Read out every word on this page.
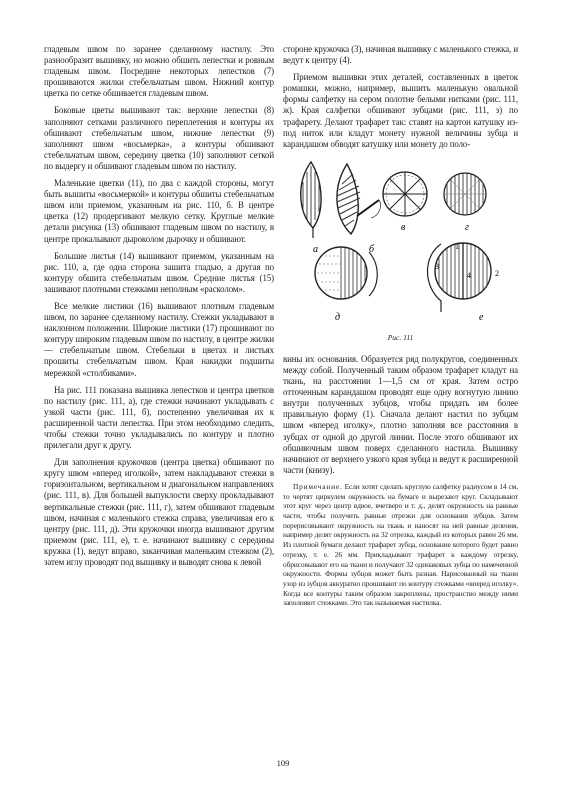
гладевым швом по заранее сделанному настилу. Это разнообразит вышивку, но можно обшить лепестки и ровным гладевым швом. Посредине некоторых лепестков (7) прошиваются жилки стебельчатым швом. Нижний контур цветка по сетке обшивается гладевым швом.

Боковые цветы вышивают так: верхние лепестки (8) заполняют сетками различного переплетения и контуры их обшивают стебельчатым швом, нижние лепестки (9) заполняют швом «восьмерка», а контуры обшивают стебельчатым швом, середину цветка (10) заполняют сеткой по выдергу и обшивают гладевым швом по настилу.

Маленькие цветки (11), по два с каждой стороны, могут быть вышиты «восьмеркой» и контуры обшиты стебельчатым швом или приемом, указанным на рис. 110, б. В центре цветка (12) продергивают мелкую сетку. Круглые мелкие детали рисунка (13) обшивают гладевым швом по настилу, в центре прокалывают дыроколом дырочку и обшивают.

Большие листья (14) вышивают приемом, указанным на рис. 110, а, где одна сторона зашита гладью, а другая по контуру обшита стебельчатым швом. Средние листья (15) зашивают плотными стежками неполным «расколом».

Все мелкие листики (16) вышивают плотным гладевым швом, по заранее сделанному настилу. Стежки укладывают в наклонном положении. Широкие листики (17) прошивают по контуру широким гладевым швом по настилу, в центре жилки — стебельчатым швом. Стебельки в цветах и листьях прошиты стебельчатым швом. Края накидки подшиты мережкой «столбиками».

На рис. 111 показана вышивка лепестков и центра цветков по настилу (рис. 111, а), где стежки начинают укладывать с узкой части (рис. 111, б), постепенно увеличивая их к расширенной части лепестка. При этом необходимо следить, чтобы стежки точно укладывались по контуру и плотно прилегали друг к другу.

Для заполнения кружочков (центра цветка) обшивают по кругу швом «вперед иголкой», затем накладывают стежки в горизонтальном, вертикальном и диагональном направлениях (рис. 111, в). Для большей выпуклости сверху прокладывают вертикальные стежки (рис. 111, г), затем обшивают гладевым швом, начиная с маленького стежка справа, увеличивая его к центру (рис. 111, д). Эти кружочки иногда вышивают другим приемом (рис. 111, е), т. е. начинают вышивку с середины кружка (1), ведут вправо, заканчивая маленьким стежком (2), затем иглу проводят под вышивку и выводят снова к левой

стороне кружочка (3), начиная вышивку с маленького стежка, и ведут к центру (4).

Приемом вышивки этих деталей, составленных в цветок ромашки, можно, например, вышить маленькую овальной формы салфетку на сером полотне белыми нитками (рис. 111, ж). Края салфетки обшивают зубцами (рис. 111, з) по трафарету. Делают трафарет так: ставят на картон катушку из-под ниток или кладут монету нужной величины зубца и карандашом обводят катушку или монету до поло-

а	б
в	г
д	е
1
2
3
4
Рис. 111

вины их основания. Образуется ряд полукругов, соединенных между собой. Полученный таким образом трафарет кладут на ткань, на расстоянии 1—1,5 см от края. Затем остро отточенным карандашом проводят еще одну вогнутую линию внутри полученных зубцов, чтобы придать им более правильную форму (1). Сначала делают настил по зубцам швом «вперед иголку», плотно заполняя все расстояния в зубцах от одной до другой линии. После этого обшивают их обшивочным швом поверх сделанного настила. Вышивку начинают от верхнего узкого края зубца и ведут к расширенной части (книзу).

Примечание. Если хотят сделать круглую салфетку радиусом в 14 см, то чертят циркулем окружность на бумаге и вырезают круг. Складывают этот круг через центр вдвое, вчетверо и т. д., делят окружность на равные части, чтобы получить равные отрезки для основания зубцов. Затем перерисовывают окружность на ткань и наносят на ней равные деления, например делят окружность на 32 отрезка, каждый из которых равен 26 мм. Из плотной бумаги делают трафарет зубца, основание которого будет равно отрезку, т. е. 26 мм. Прикладывают трафарет к каждому отрезку, обрисовывают его на ткани и получают 32 одинаковых зубца по намеченной окружности. Формы зубцов может быть разная. Нарисованный на ткани узор из зубцов аккуратно прошивают по контуру стежками «вперед иголку». Когда все контуры таким образом закреплены, пространство между ними заполняют стежками. Это так называемая настилка.

109
